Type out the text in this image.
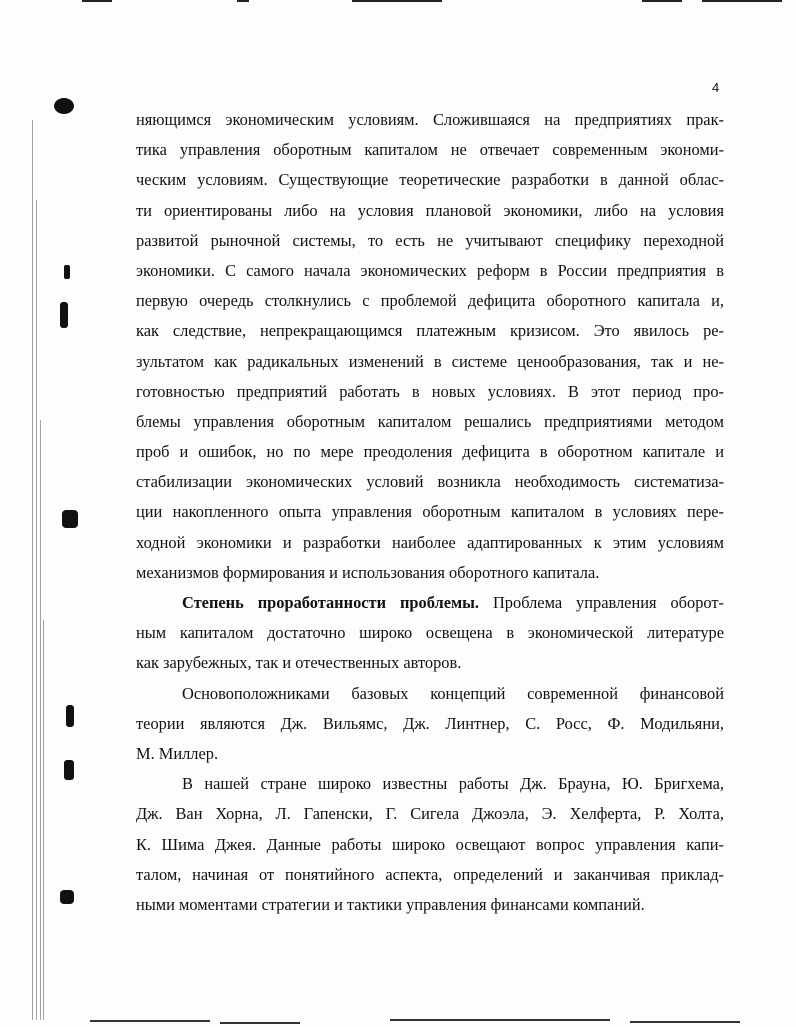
4
няющимся экономическим условиям. Сложившаяся на предприятиях прак-
тика управления оборотным капиталом не отвечает современным экономи-
ческим условиям. Существующие теоретические разработки в данной облас-
ти ориентированы либо на условия плановой экономики, либо на условия
развитой рыночной системы, то есть не учитывают специфику переходной
экономики. С самого начала экономических реформ в России предприятия в
первую очередь столкнулись с проблемой дефицита оборотного капитала и,
как следствие, непрекращающимся платежным кризисом. Это явилось ре-
зультатом как радикальных изменений в системе ценообразования, так и не-
готовностью предприятий работать в новых условиях. В этот период про-
блемы управления оборотным капиталом решались предприятиями методом
проб и ошибок, но по мере преодоления дефицита в оборотном капитале и
стабилизации экономических условий возникла необходимость систематиза-
ции накопленного опыта управления оборотным капиталом в условиях пере-
ходной экономики и разработки наиболее адаптированных к этим условиям
механизмов формирования и использования оборотного капитала.
Степень проработанности проблемы. Проблема управления оборот-
ным капиталом достаточно широко освещена в экономической литературе
как зарубежных, так и отечественных авторов.
Основоположниками базовых концепций современной финансовой
теории являются Дж. Вильямс, Дж. Линтнер, С. Росс, Ф. Модильяни,
М. Миллер.
В нашей стране широко известны работы Дж. Брауна, Ю. Бригхема,
Дж. Ван Хорна, Л. Гапенски, Г. Сигела Джоэла, Э. Хелферта, Р. Холта,
К. Шима Джея. Данные работы широко освещают вопрос управления капи-
талом, начиная от понятийного аспекта, определений и заканчивая приклад-
ными моментами стратегии и тактики управления финансами компаний.
